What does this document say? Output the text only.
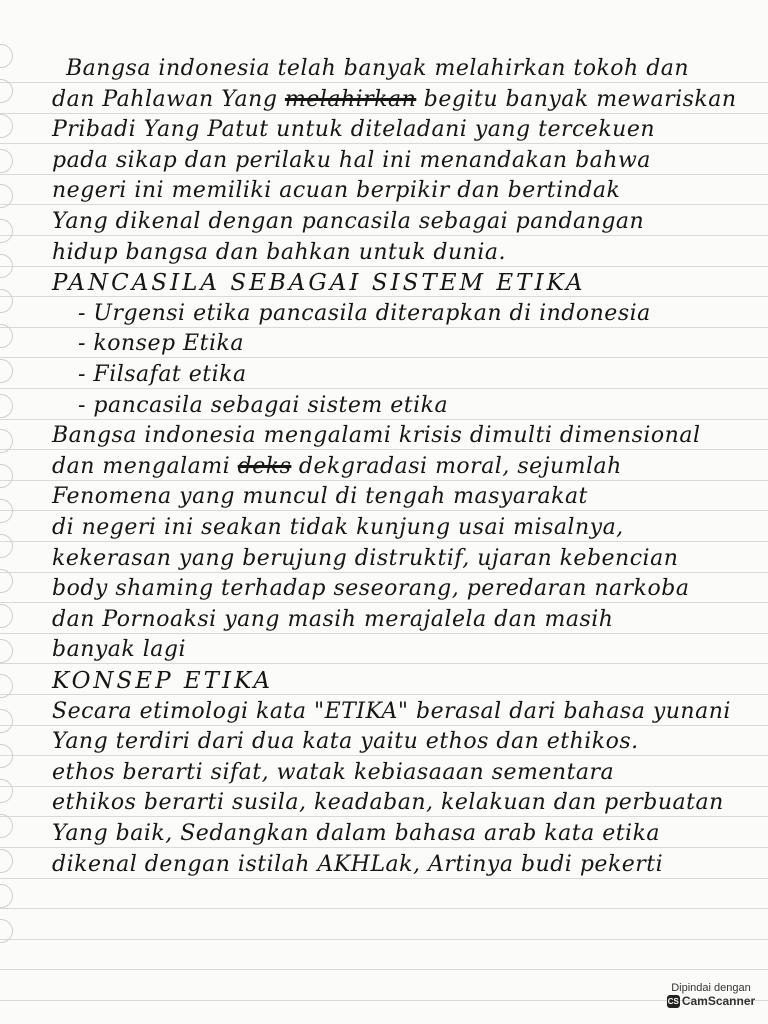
Bangsa indonesia telah banyak melahirkan tokoh dan
dan Pahlawan Yang melahirkan begitu banyak mewariskan
Pribadi Yang Patut untuk diteladani yang tercekuen
pada sikap dan perilaku hal ini menandakan bahwa
negeri ini memiliki acuan berpikir dan bertindak
Yang dikenal dengan pancasila sebagai pandangan
hidup bangsa dan bahkan untuk dunia.
PANCASILA SEBAGAI SISTEM ETIKA
- Urgensi etika pancasila diterapkan di indonesia
- konsep Etika
- Filsafat etika
- pancasila sebagai sistem etika
Bangsa indonesia mengalami krisis dimulti dimensional
dan mengalami deks dekgradasi moral, sejumlah
Fenomena yang muncul di tengah masyarakat
di negeri ini seakan tidak kunjung usai misalnya,
kekerasan yang berujung distruktif, ujaran kebencian
body shaming terhadap seseorang, peredaran narkoba
dan Pornoaksi yang masih merajalela dan masih
banyak lagi
KONSEP ETIKA
Secara etimologi kata "ETIKA" berasal dari bahasa yunani
Yang terdiri dari dua kata yaitu ethos dan ethikos.
ethos berarti sifat, watak kebiasaaan sementara
ethikos berarti susila, keadaban, kelakuan dan perbuatan
Yang baik, Sedangkan dalam bahasa arab kata etika
dikenal dengan istilah AKHLak, Artinya budi pekerti
Dipindai dengan
CS CamScanner
